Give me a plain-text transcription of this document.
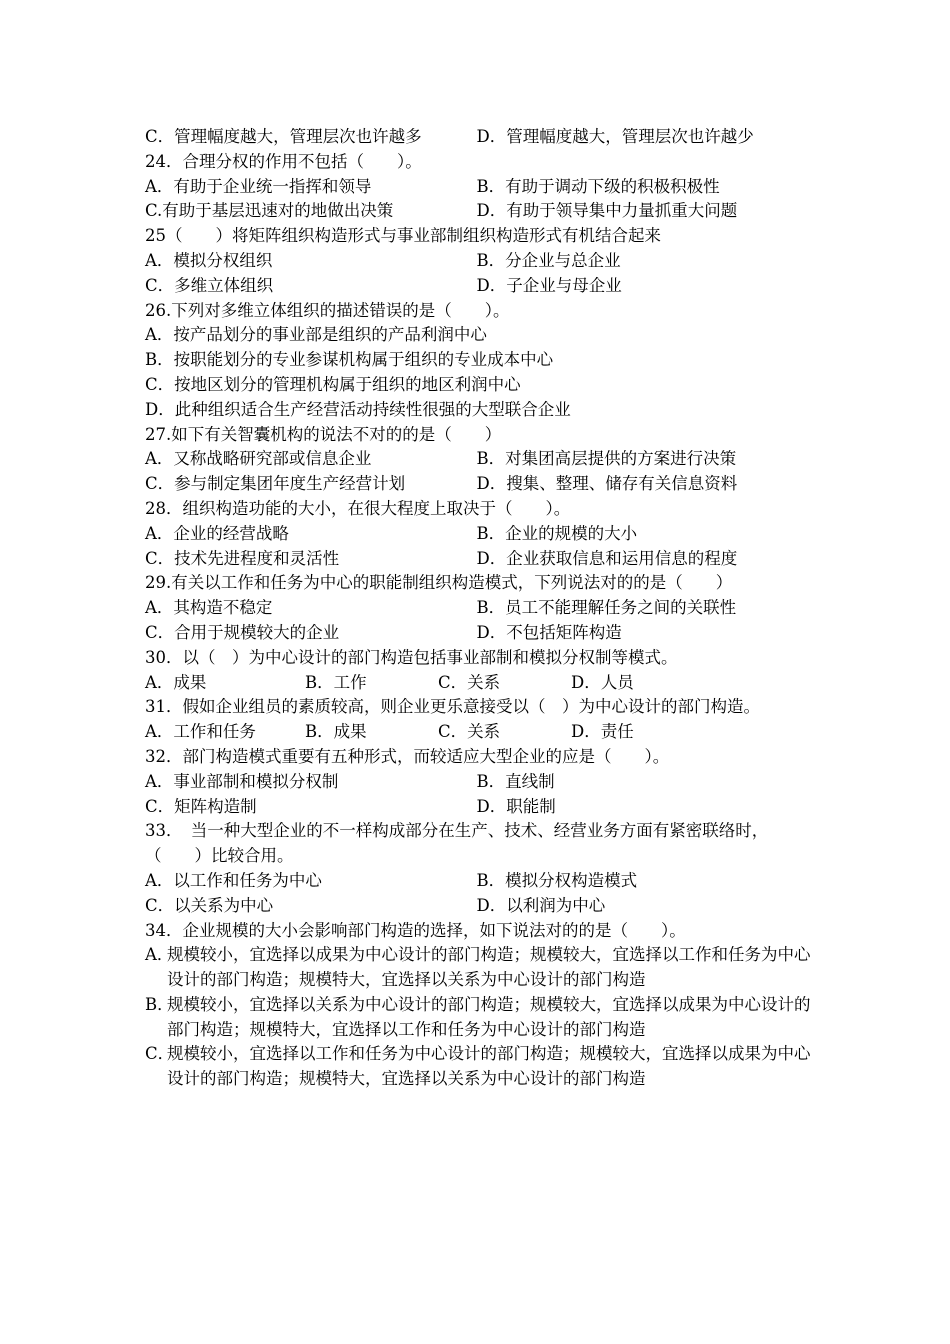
C．管理幅度越大，管理层次也许越多	D．管理幅度越大，管理层次也许越少
24．合理分权的作用不包括（　　）。
A．有助于企业统一指挥和领导	B．有助于调动下级的积极积极性
C.有助于基层迅速对的地做出决策	D．有助于领导集中力量抓重大问题
25（　　）将矩阵组织构造形式与事业部制组织构造形式有机结合起来
A．模拟分权组织	B．分企业与总企业
C．多维立体组织	D．子企业与母企业
26.下列对多维立体组织的描述错误的是（　　）。
A．按产品划分的事业部是组织的产品利润中心
B．按职能划分的专业参谋机构属于组织的专业成本中心
C．按地区划分的管理机构属于组织的地区利润中心
D．此种组织适合生产经营活动持续性很强的大型联合企业
27.如下有关智囊机构的说法不对的的是（　　）
A．又称战略研究部或信息企业	B．对集团高层提供的方案进行决策
C．参与制定集团年度生产经营计划	D．搜集、整理、储存有关信息资料
28．组织构造功能的大小，在很大程度上取决于（　　）。
A．企业的经营战略	B．企业的规模的大小
C．技术先进程度和灵活性	D．企业获取信息和运用信息的程度
29.有关以工作和任务为中心的职能制组织构造模式，下列说法对的的是（　　）
A．其构造不稳定	B．员工不能理解任务之间的关联性
C．合用于规模较大的企业	D．不包括矩阵构造
30．以（　）为中心设计的部门构造包括事业部制和模拟分权制等模式。
A．成果	B．工作	C．关系	D．人员
31．假如企业组员的素质较高，则企业更乐意接受以（　）为中心设计的部门构造。
A．工作和任务	B．成果	C．关系	D．责任
32．部门构造模式重要有五种形式，而较适应大型企业的应是（　　）。
A．事业部制和模拟分权制	B．直线制
C．矩阵构造制	D．职能制
33．　当一种大型企业的不一样构成部分在生产、技术、经营业务方面有紧密联络时，（　　）比较合用。
A．以工作和任务为中心	B．模拟分权构造模式
C．以关系为中心	D．以利润为中心
34．企业规模的大小会影响部门构造的选择，如下说法对的的是（　　）。
A．
规模较小，宜选择以成果为中心设计的部门构造；规模较大，宜选择以工作和任务为中心设计的部门构造；规模特大，宜选择以关系为中心设计的部门构造
B．
规模较小，宜选择以关系为中心设计的部门构造；规模较大，宜选择以成果为中心设计的部门构造；规模特大，宜选择以工作和任务为中心设计的部门构造
C．
规模较小，宜选择以工作和任务为中心设计的部门构造；规模较大，宜选择以成果为中心设计的部门构造；规模特大，宜选择以关系为中心设计的部门构造
